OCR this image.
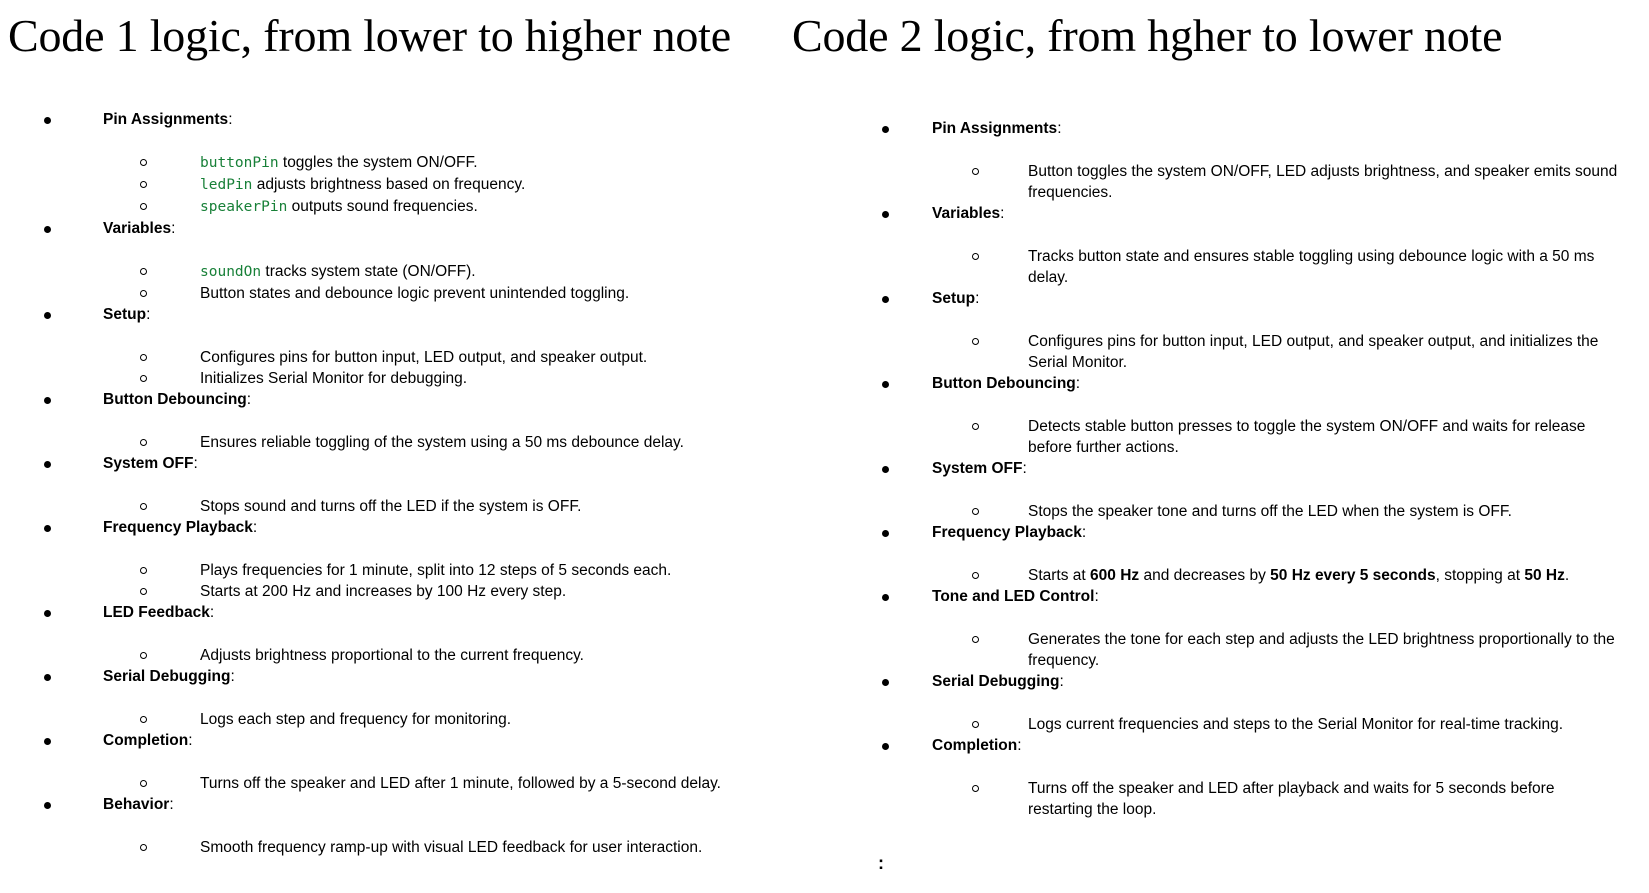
Code 1 logic, from lower to higher note Code 2 logic, from hgher to lower note
Pin Assignments:
buttonPin toggles the system ON/OFF.
ledPin adjusts brightness based on frequency.
speakerPin outputs sound frequencies.
Variables:
soundOn tracks system state (ON/OFF).
Button states and debounce logic prevent unintended toggling.
Setup:
Configures pins for button input, LED output, and speaker output.
Initializes Serial Monitor for debugging.
Button Debouncing:
Ensures reliable toggling of the system using a 50 ms debounce delay.
System OFF:
Stops sound and turns off the LED if the system is OFF.
Frequency Playback:
Plays frequencies for 1 minute, split into 12 steps of 5 seconds each.
Starts at 200 Hz and increases by 100 Hz every step.
LED Feedback:
Adjusts brightness proportional to the current frequency.
Serial Debugging:
Logs each step and frequency for monitoring.
Completion:
Turns off the speaker and LED after 1 minute, followed by a 5-second delay.
Behavior:
Smooth frequency ramp-up with visual LED feedback for user interaction.
Pin Assignments:
Button toggles the system ON/OFF, LED adjusts brightness, and speaker emits sound frequencies.
Variables:
Tracks button state and ensures stable toggling using debounce logic with a 50 ms delay.
Setup:
Configures pins for button input, LED output, and speaker output, and initializes the Serial Monitor.
Button Debouncing:
Detects stable button presses to toggle the system ON/OFF and waits for release before further actions.
System OFF:
Stops the speaker tone and turns off the LED when the system is OFF.
Frequency Playback:
Starts at 600 Hz and decreases by 50 Hz every 5 seconds, stopping at 50 Hz.
Tone and LED Control:
Generates the tone for each step and adjusts the LED brightness proportionally to the frequency.
Serial Debugging:
Logs current frequencies and steps to the Serial Monitor for real-time tracking.
Completion:
Turns off the speaker and LED after playback and waits for 5 seconds before restarting the loop.
:
